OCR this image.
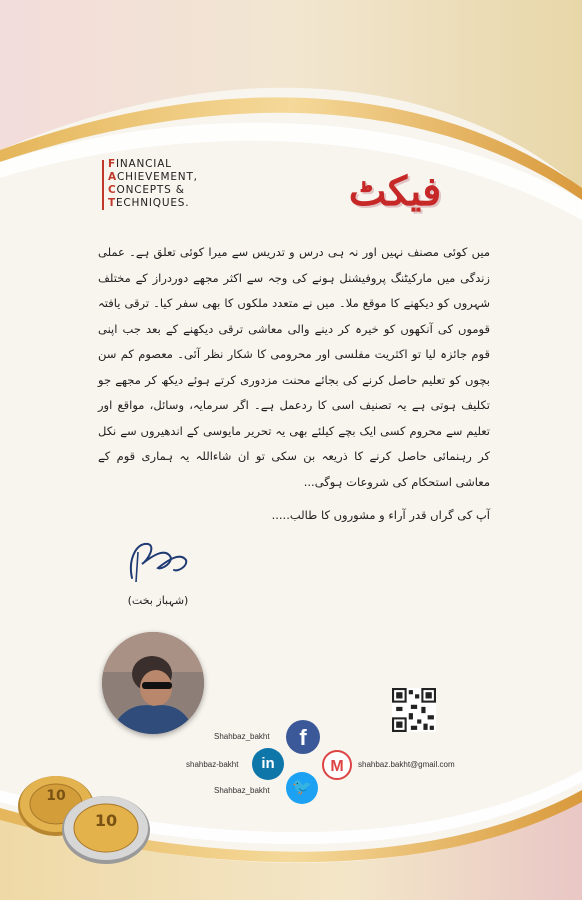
FINANCIAL
ACHIEVEMENT,
CONCEPTS &
TECHNIQUES.	فیکٹ
میں کوئی مصنف نہیں اور نہ ہی درس و تدریس سے میرا کوئی تعلق ہے۔ عملی زندگی میں مارکیٹنگ پروفیشنل ہونے کی وجہ سے اکثر مجھے دوردراز کے مختلف شہروں کو دیکھنے کا موقع ملا۔ میں نے متعدد ملکوں کا بھی سفر کیا۔ ترقی یافتہ قوموں کی آنکھوں کو خیرہ کر دینے والی معاشی ترقی دیکھنے کے بعد جب اپنی قوم جائزہ لیا تو اکثریت مفلسی اور محرومی کا شکار نظر آئی۔ معصوم کم سن بچوں کو تعلیم حاصل کرنے کی بجائے محنت مزدوری کرتے ہوئے دیکھ کر مجھے جو تکلیف ہوتی ہے یہ تصنیف اسی کا ردعمل ہے۔ اگر سرمایہ، وسائل، مواقع اور تعلیم سے محروم کسی ایک بچے کیلئے بھی یہ تحریر مایوسی کے اندھیروں سے نکل کر رہنمائی حاصل کرنے کا ذریعہ بن سکی تو ان شاءاللہ یہ ہماری قوم کے معاشی استحکام کی شروعات ہوگی...
آپ کی گراں قدر آراء و مشوروں کا طالب.....
(شہباز بخت)
Shahbaz_bakht	f
shahbaz-bakht	in
Shahbaz_bakht	🐦
M	shahbaz.bakht@gmail.com
10
10
